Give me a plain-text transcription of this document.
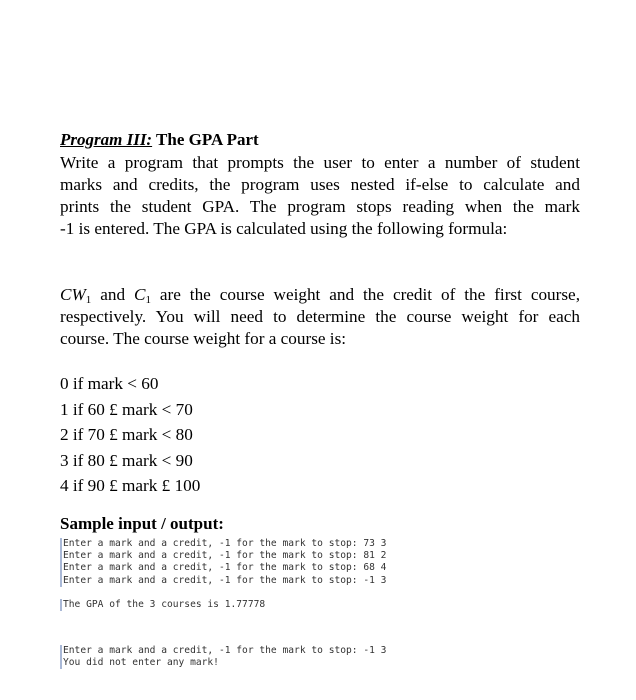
Program III: The GPA Part
Write a program that prompts the user to enter a number of student
marks and credits, the program uses nested if-else to calculate and
prints the student GPA. The program stops reading when the mark
-1 is entered. The GPA is calculated using the following formula:
$CW_1$ and $C_1$ are the course weight and the credit of the first course,
respectively. You will need to determine the course weight for each
course. The course weight for a course is:
0 if mark < 60
1 if 60 £ mark < 70
2 if 70 £ mark < 80
3 if 80 £ mark < 90
4 if 90 £ mark £ 100
Sample input / output:
Enter a mark and a credit, -1 for the mark to stop: 73 3
Enter a mark and a credit, -1 for the mark to stop: 81 2
Enter a mark and a credit, -1 for the mark to stop: 68 4
Enter a mark and a credit, -1 for the mark to stop: -1 3
The GPA of the 3 courses is 1.77778
Enter a mark and a credit, -1 for the mark to stop: -1 3
You did not enter any mark!
